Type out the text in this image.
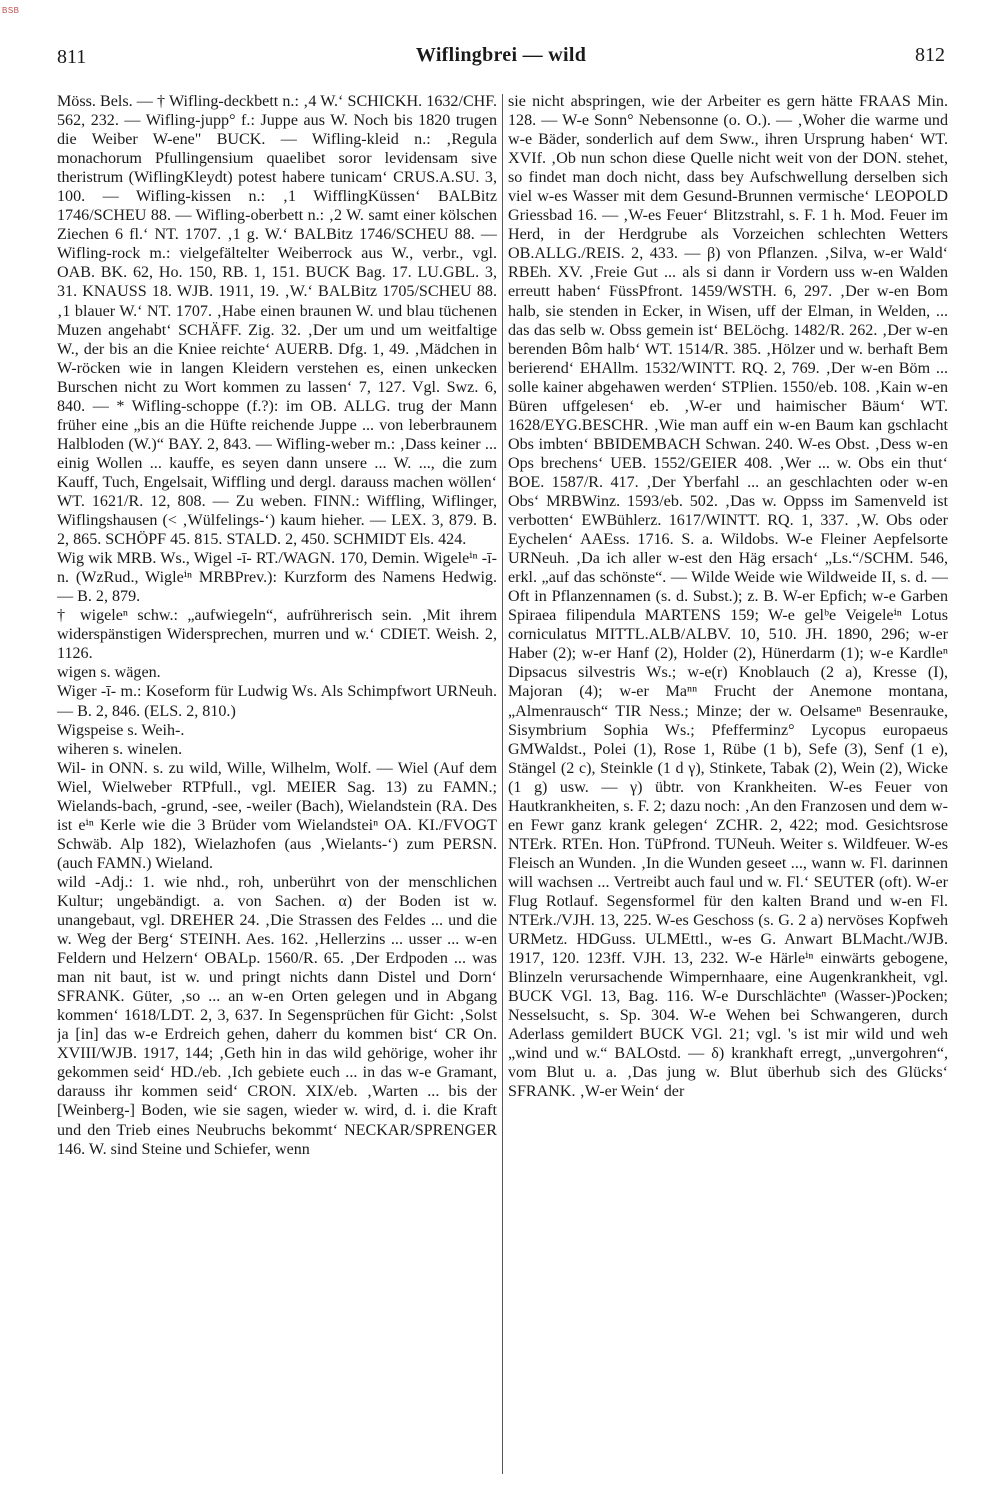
BSB
811	Wiflingbrei — wild	812

Möss. Bels. — † Wifling-deckbett n.: ‚4 W.‘ SCHICKH. 1632/CHF. 562, 232. — Wifling-jupp° f.: Juppe aus W. Noch bis 1820 trugen die Weiber W-ene" BUCK. — Wifling-kleid n.: ‚Regula monachorum Pfullingensium quaelibet soror levidensam sive theristrum (WiflingKleydt) potest habere tunicam‘ CRUS.A.SU. 3, 100. — Wifling-kissen n.: ‚1 WifflingKüssen‘ BALBitz 1746/SCHEU 88. — Wifling-oberbett n.: ‚2 W. samt einer kölschen Ziechen 6 fl.‘ NT. 1707. ‚1 g. W.‘ BALBitz 1746/SCHEU 88. — Wifling-rock m.: vielgefältelter Weiberrock aus W., verbr., vgl. OAB. BK. 62, Ho. 150, RB. 1, 151. BUCK Bag. 17. LU.GBL. 3, 31. KNAUSS 18. WJB. 1911, 19. ‚W.‘ BALBitz 1705/SCHEU 88. ‚1 blauer W.‘ NT. 1707. ‚Habe einen braunen W. und blau tüchenen Muzen angehabt‘ SCHÄFF. Zig. 32. ‚Der um und um weitfaltige W., der bis an die Kniee reichte‘ AUERB. Dfg. 1, 49. ‚Mädchen in W-röcken wie in langen Kleidern verstehen es, einen unkecken Burschen nicht zu Wort kommen zu lassen‘ 7, 127. Vgl. Swz. 6, 840. — * Wifling-schoppe (f.?): im OB. ALLG. trug der Mann früher eine „bis an die Hüfte reichende Juppe ... von leberbraunem Halbloden (W.)“ BAY. 2, 843. — Wifling-weber m.: ‚Dass keiner ... einig Wollen ... kauffe, es seyen dann unsere ... W. ..., die zum Kauff, Tuch, Engelsait, Wiffling und dergl. darauss machen wöllen‘ WT. 1621/R. 12, 808. — Zu weben. FINN.: Wiffling, Wiflinger, Wiflingshausen (< ‚Wülfelings-‘) kaum hieher. — LEX. 3, 879. B. 2, 865. SCHÖPF 45. 815. STALD. 2, 450. SCHMIDT Els. 424.

Wig wik MRB. Ws., Wigel -ī- RT./WAGN. 170, Demin. Wigeleⁱⁿ -ī- n. (WzRud., Wigleⁱⁿ MRBPrev.): Kurzform des Namens Hedwig. — B. 2, 879.

† wigeleⁿ schw.: „aufwiegeln“, aufrührerisch sein. ‚Mit ihrem widerspänstigen Widersprechen, murren und w.‘ CDIET. Weish. 2, 1126.

wigen s. wägen.

Wiger -ī- m.: Koseform für Ludwig Ws. Als Schimpfwort URNeuh. — B. 2, 846. (ELS. 2, 810.)

Wigspeise s. Weih-.

wiheren s. winelen.

Wil- in ONN. s. zu wild, Wille, Wilhelm, Wolf. — Wiel (Auf dem Wiel, Wielweber RTPfull., vgl. MEIER Sag. 13) zu FAMN.; Wielands-bach, -grund, -see, -weiler (Bach), Wielandstein (RA. Des ist eⁱⁿ Kerle wie die 3 Brüder vom Wielandsteiⁿ OA. KI./FVOGT Schwäb. Alp 182), Wielazhofen (aus ‚Wielants-‘) zum PERSN. (auch FAMN.) Wieland.

wild -Adj.: 1. wie nhd., roh, unberührt von der menschlichen Kultur; ungebändigt. a. von Sachen. α) der Boden ist w. unangebaut, vgl. DREHER 24. ‚Die Strassen des Feldes ... und die w. Weg der Berg‘ STEINH. Aes. 162. ‚Hellerzins ... usser ... w-en Feldern und Helzern‘ OBALp. 1560/R. 65. ‚Der Erdpoden ... was man nit baut, ist w. und pringt nichts dann Distel und Dorn‘ SFRANK. Güter, ‚so ... an w-en Orten gelegen und in Abgang kommen‘ 1618/LDT. 2, 3, 637. In Segensprüchen für Gicht: ‚Solst ja [in] das w-e Erdreich gehen, daherr du kommen bist‘ CR On. XVIII/WJB. 1917, 144; ‚Geth hin in das wild gehörige, woher ihr gekommen seid‘ HD./eb. ‚Ich gebiete euch ... in das w-e Gramant, darauss ihr kommen seid‘ CRON. XIX/eb. ‚Warten ... bis der [Weinberg-] Boden, wie sie sagen, wieder w. wird, d. i. die Kraft und den Trieb eines Neubruchs bekommt‘ NECKAR/SPRENGER 146. W. sind Steine und Schiefer, wenn

sie nicht abspringen, wie der Arbeiter es gern hätte FRAAS Min. 128. — W-e Sonn° Nebensonne (o. O.). — ‚Woher die warme und w-e Bäder, sonderlich auf dem Sww., ihren Ursprung haben‘ WT. XVIf. ‚Ob nun schon diese Quelle nicht weit von der DON. stehet, so findet man doch nicht, dass bey Aufschwellung derselben sich viel w-es Wasser mit dem Gesund-Brunnen vermische‘ LEOPOLD Griessbad 16. — ‚W-es Feuer‘ Blitzstrahl, s. F. 1 h. Mod. Feuer im Herd, in der Herdgrube als Vorzeichen schlechten Wetters OB.ALLG./REIS. 2, 433. — β) von Pflanzen. ‚Silva, w-er Wald‘ RBEh. XV. ‚Freie Gut ... als si dann ir Vordern uss w-en Walden erreutt haben‘ FüssPfront. 1459/WSTH. 6, 297. ‚Der w-en Bom halb, sie stenden in Ecker, in Wisen, uff der Elman, in Welden, ... das das selb w. Obss gemein ist‘ BELöchg. 1482/R. 262. ‚Der w-en berenden Bôm halb‘ WT. 1514/R. 385. ‚Hölzer und w. berhaft Bem berierend‘ EHAllm. 1532/WINTT. RQ. 2, 769. ‚Der w-en Böm ... solle kainer abgehawen werden‘ STPlien. 1550/eb. 108. ‚Kain w-en Büren uffgelesen‘ eb. ‚W-er und haimischer Bäum‘ WT. 1628/EYG.BESCHR. ‚Wie man auff ein w-en Baum kan gschlacht Obs imbten‘ BBIDEMBACH Schwan. 240. W-es Obst. ‚Dess w-en Ops brechens‘ UEB. 1552/GEIER 408. ‚Wer ... w. Obs ein thut‘ BOE. 1587/R. 417. ‚Der Yberfahl ... an geschlachten oder w-en Obs‘ MRBWinz. 1593/eb. 502. ‚Das w. Oppss im Samenveld ist verbotten‘ EWBühlerz. 1617/WINTT. RQ. 1, 337. ‚W. Obs oder Eychelen‘ AAEss. 1716. S. a. Wildobs. W-e Fleiner Aepfelsorte URNeuh. ‚Da ich aller w-est den Häg ersach‘ „Ls.“/SCHM. 546, erkl. „auf das schönste“. — Wilde Weide wie Wildweide II, s. d. — Oft in Pflanzennamen (s. d. Subst.); z. B. W-er Epfich; w-e Garben Spiraea filipendula MARTENS 159; W-e gelᵇe Veigeleⁱⁿ Lotus corniculatus MITTL.ALB/ALBV. 10, 510. JH. 1890, 296; w-er Haber (2); w-er Hanf (2), Holder (2), Hünerdarm (1); w-e Kardleⁿ Dipsacus silvestris Ws.; w-e(r) Knoblauch (2 a), Kresse (I), Majoran (4); w-er Maⁿⁿ Frucht der Anemone montana, „Almenrausch“ TIR Ness.; Minze; der w. Oelsameⁿ Besenrauke, Sisymbrium Sophia Ws.; Pfefferminz° Lycopus europaeus GMWaldst., Polei (1), Rose 1, Rübe (1 b), Sefe (3), Senf (1 e), Stängel (2 c), Steinkle (1 d γ), Stinkete, Tabak (2), Wein (2), Wicke (1 g) usw. — γ) übtr. von Krankheiten. W-es Feuer von Hautkrankheiten, s. F. 2; dazu noch: ‚An den Franzosen und dem w-en Fewr ganz krank gelegen‘ ZCHR. 2, 422; mod. Gesichtsrose NTErk. RTEn. Hon. TüPfrond. TUNeuh. Weiter s. Wildfeuer. W-es Fleisch an Wunden. ‚In die Wunden geseet ..., wann w. Fl. darinnen will wachsen ... Vertreibt auch faul und w. Fl.‘ SEUTER (oft). W-er Flug Rotlauf. Segensformel für den kalten Brand und w-en Fl. NTErk./VJH. 13, 225. W-es Geschoss (s. G. 2 a) nervöses Kopfweh URMetz. HDGuss. ULMEttl., w-es G. Anwart BLMacht./WJB. 1917, 120. 123ff. VJH. 13, 232. W-e Härleⁱⁿ einwärts gebogene, Blinzeln verursachende Wimpernhaare, eine Augenkrankheit, vgl. BUCK VGl. 13, Bag. 116. W-e Durschlächteⁿ (Wasser-)Pocken; Nesselsucht, s. Sp. 304. W-e Wehen bei Schwangeren, durch Aderlass gemildert BUCK VGl. 21; vgl. 's ist mir wild und weh „wind und w.“ BALOstd. — δ) krankhaft erregt, „unvergohren“, vom Blut u. a. ‚Das jung w. Blut überhub sich des Glücks‘ SFRANK. ‚W-er Wein‘ der
